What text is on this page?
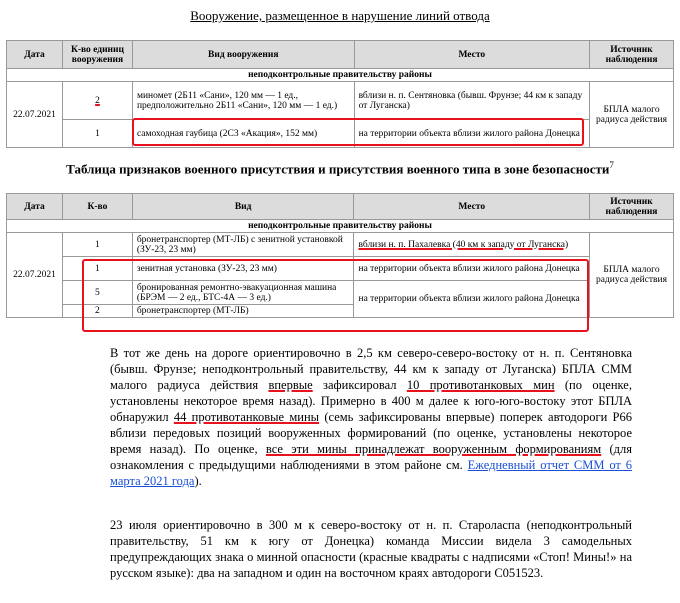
Вооружение, размещенное в нарушение линий отвода
Дата	К-во единиц вооружения	Вид вооружения	Место	Источник наблюдения
неподконтрольные правительству районы				
22.07.2021	2	миномет (2Б11 «Сани», 120 мм — 1 ед., предположительно 2Б11 «Сани», 120 мм — 1 ед.)	вблизи н. п. Сентяновка (бывш. Фрунзе; 44 км к западу от Луганска)	БПЛА малого радиуса действия
	1	самоходная гаубица (2С3 «Акация», 152 мм)	на территории объекта вблизи жилого района Донецка	
Таблица признаков военного присутствия и присутствия военного типа в зоне безопасности$^7$
Дата	К-во	Вид	Место	Источник наблюдения
неподконтрольные правительству районы				
22.07.2021	1	бронетранспортер (МТ-ЛБ) с зенитной установкой (ЗУ-23, 23 мм)	вблизи н. п. Пахалевка (40 км к западу от Луганска)	БПЛА малого радиуса действия
	1	зенитная установка (ЗУ-23, 23 мм)	на территории объекта вблизи жилого района Донецка	
	5	бронированная ремонтно-эвакуационная машина (БРЭМ — 2 ед., БТС-4А — 3 ед.)	на территории объекта вблизи жилого района Донецка	
	2	бронетранспортер (МТ-ЛБ)		
В тот же день на дороге ориентировочно в 2,5 км северо-северо-востоку от н. п. Сентяновка (бывш. Фрунзе; неподконтрольный правительству, 44 км к западу от Луганска) БПЛА СММ малого радиуса действия впервые зафиксировал 10 противотанковых мин (по оценке, установлены некоторое время назад). Примерно в 400 м далее к юго-юго-востоку этот БПЛА обнаружил 44 противотанковые мины (семь зафиксированы впервые) поперек автодороги Р66 вблизи передовых позиций вооруженных формирований (по оценке, установлены некоторое время назад). По оценке, все эти мины принадлежат вооруженным формированиям (для ознакомления с предыдущими наблюдениями в этом районе см. Ежедневный отчет СММ от 6 марта 2021 года).
23 июля ориентировочно в 300 м к северо-востоку от н. п. Староласпа (неподконтрольный правительству, 51 км к югу от Донецка) команда Миссии видела 3 самодельных предупреждающих знака о минной опасности (красные квадраты с надписями «Стоп! Мины!» на русском языке): два на западном и один на восточном краях автодороги С051523.
